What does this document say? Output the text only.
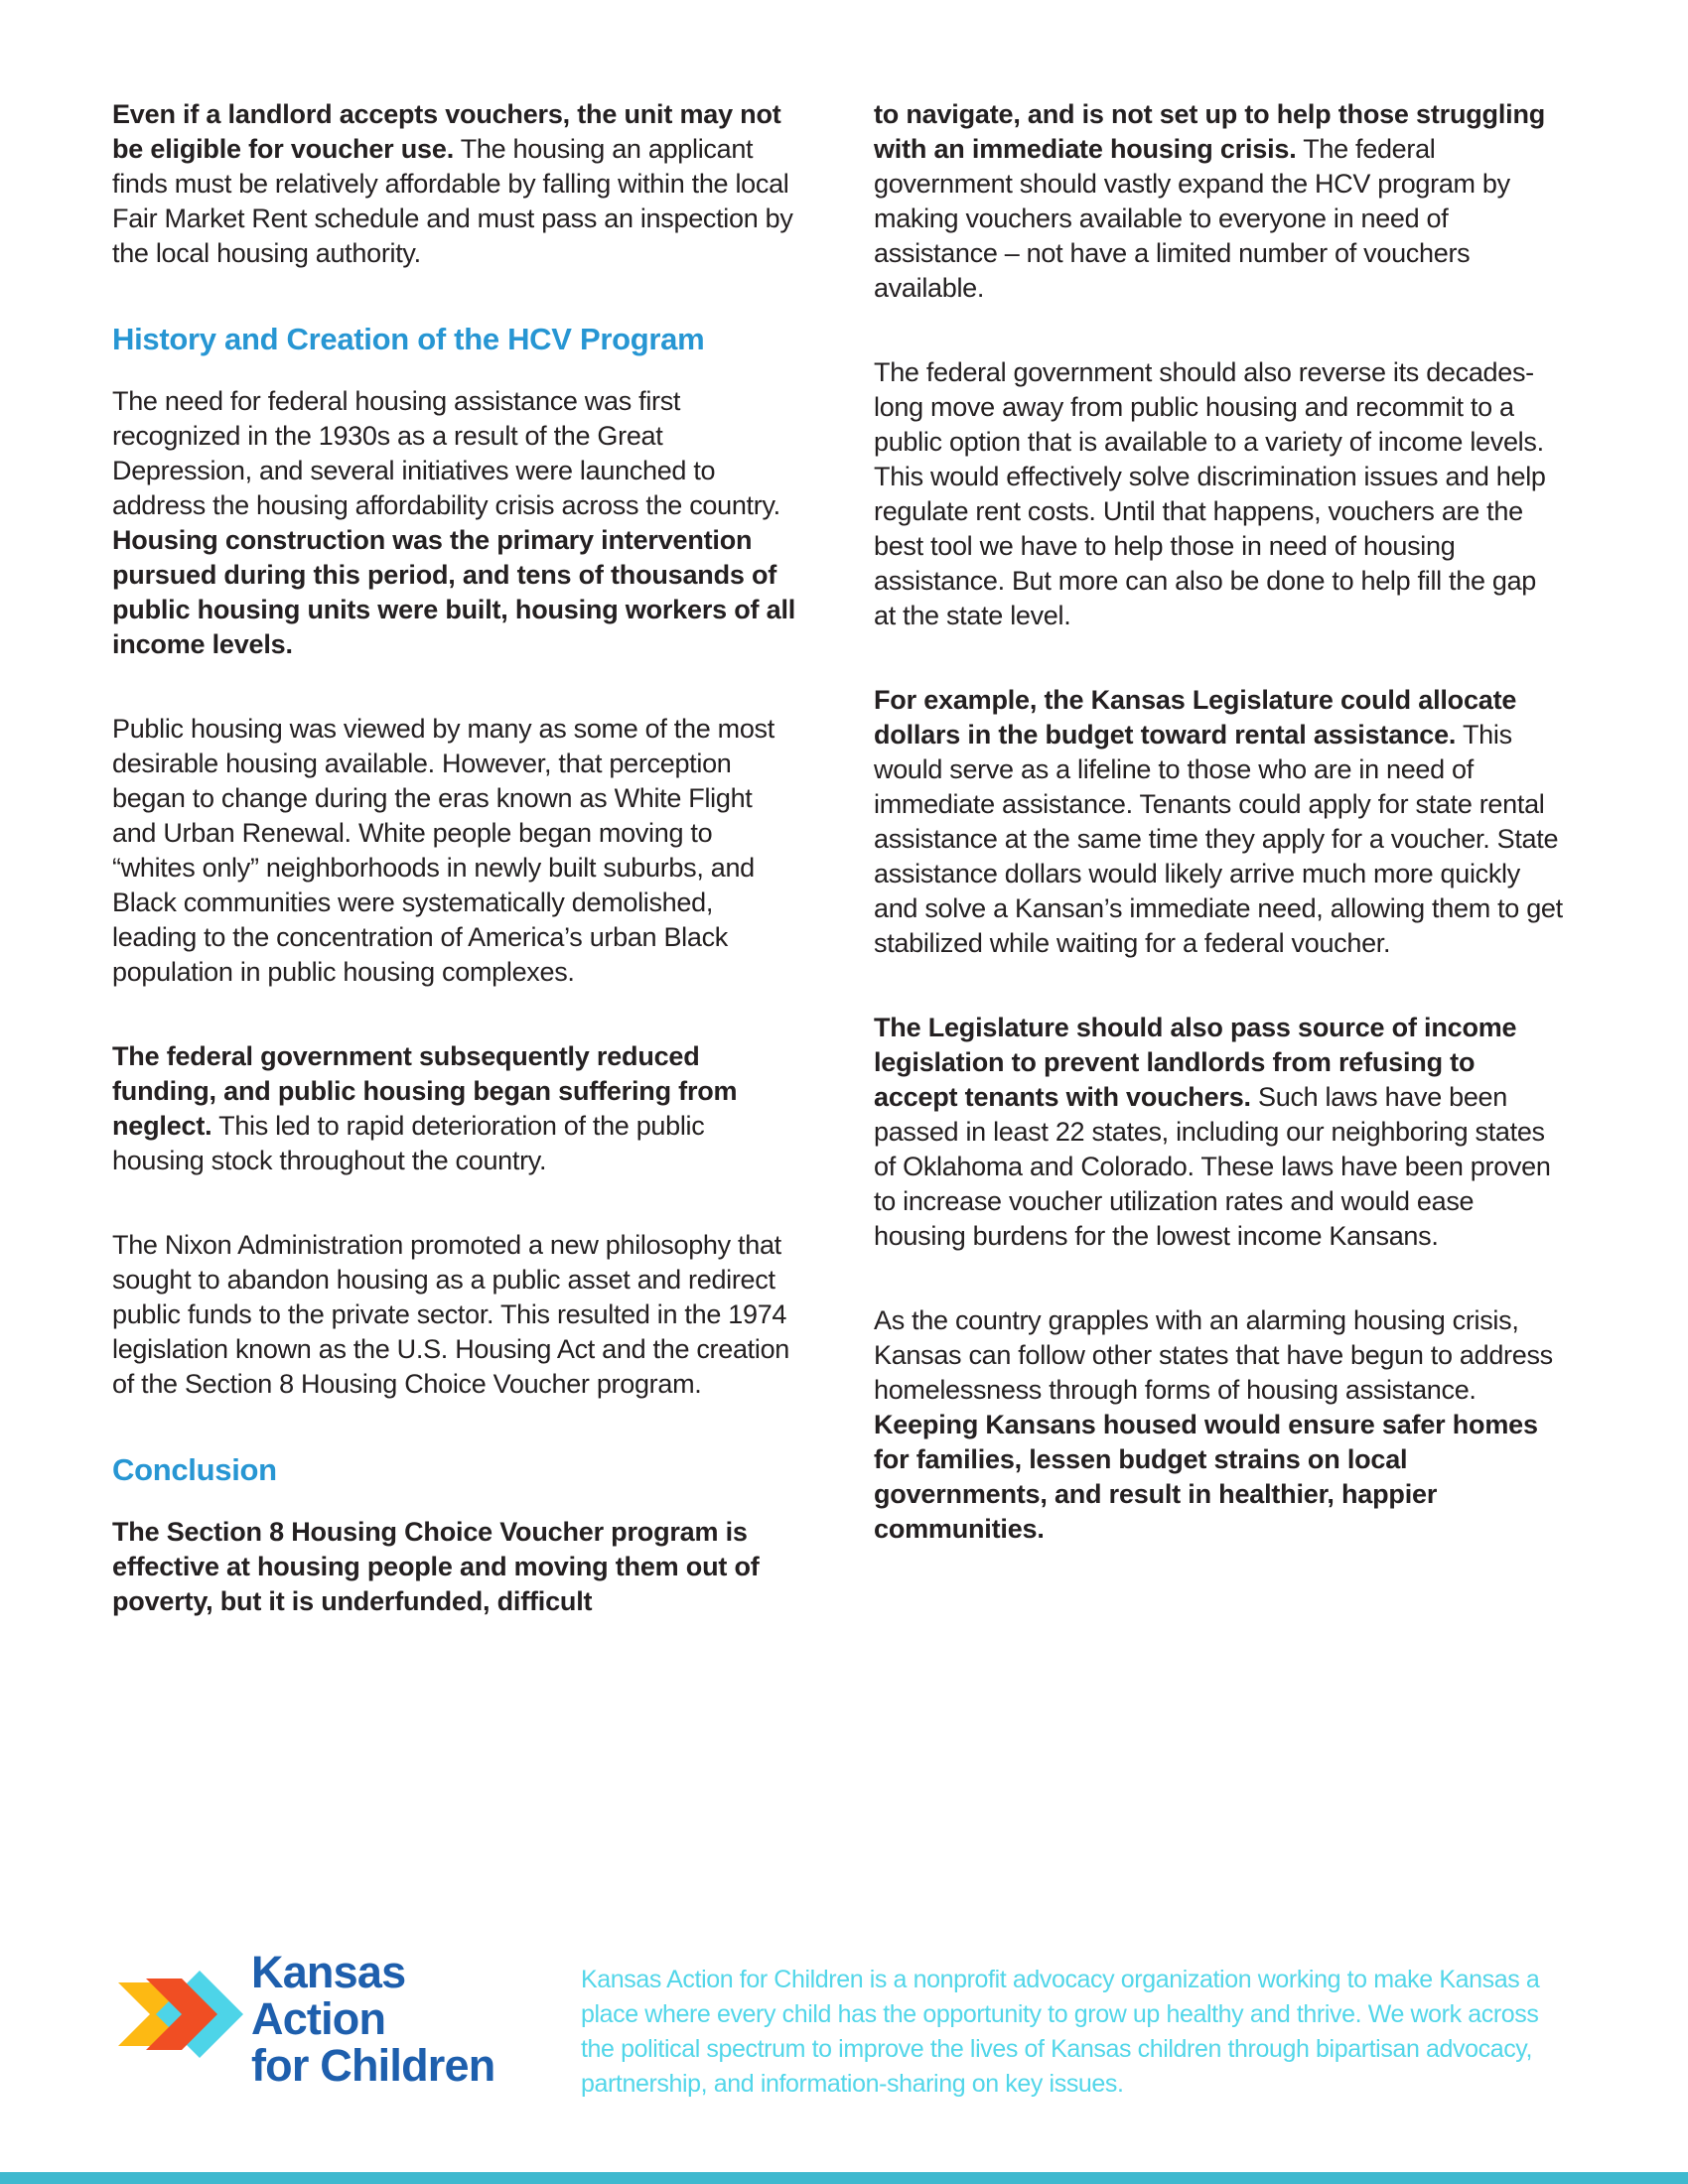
Even if a landlord accepts vouchers, the unit may not be eligible for voucher use. The housing an applicant finds must be relatively affordable by falling within the local Fair Market Rent schedule and must pass an inspection by the local housing authority.

History and Creation of the HCV Program

The need for federal housing assistance was first recognized in the 1930s as a result of the Great Depression, and several initiatives were launched to address the housing affordability crisis across the country. Housing construction was the primary intervention pursued during this period, and tens of thousands of public housing units were built, housing workers of all income levels.

Public housing was viewed by many as some of the most desirable housing available. However, that perception began to change during the eras known as White Flight and Urban Renewal. White people began moving to “whites only” neighborhoods in newly built suburbs, and Black communities were systematically demolished, leading to the concentration of America’s urban Black population in public housing complexes.

The federal government subsequently reduced funding, and public housing began suffering from neglect. This led to rapid deterioration of the public housing stock throughout the country.

The Nixon Administration promoted a new philosophy that sought to abandon housing as a public asset and redirect public funds to the private sector. This resulted in the 1974 legislation known as the U.S. Housing Act and the creation of the Section 8 Housing Choice Voucher program.

Conclusion

The Section 8 Housing Choice Voucher program is effective at housing people and moving them out of poverty, but it is underfunded, difficult

to navigate, and is not set up to help those struggling with an immediate housing crisis. The federal government should vastly expand the HCV program by making vouchers available to everyone in need of assistance – not have a limited number of vouchers available.

The federal government should also reverse its decades-long move away from public housing and recommit to a public option that is available to a variety of income levels. This would effectively solve discrimination issues and help regulate rent costs. Until that happens, vouchers are the best tool we have to help those in need of housing assistance. But more can also be done to help fill the gap at the state level.

For example, the Kansas Legislature could allocate dollars in the budget toward rental assistance. This would serve as a lifeline to those who are in need of immediate assistance. Tenants could apply for state rental assistance at the same time they apply for a voucher. State assistance dollars would likely arrive much more quickly and solve a Kansan’s immediate need, allowing them to get stabilized while waiting for a federal voucher.

The Legislature should also pass source of income legislation to prevent landlords from refusing to accept tenants with vouchers. Such laws have been passed in least 22 states, including our neighboring states of Oklahoma and Colorado. These laws have been proven to increase voucher utilization rates and would ease housing burdens for the lowest income Kansans.

As the country grapples with an alarming housing crisis, Kansas can follow other states that have begun to address homelessness through forms of housing assistance. Keeping Kansans housed would ensure safer homes for families, lessen budget strains on local governments, and result in healthier, happier communities.

Kansas
Action
for Children
Kansas Action for Children is a nonprofit advocacy organization working to make Kansas a place where every child has the opportunity to grow up healthy and thrive. We work across the political spectrum to improve the lives of Kansas children through bipartisan advocacy, partnership, and information-sharing on key issues.
